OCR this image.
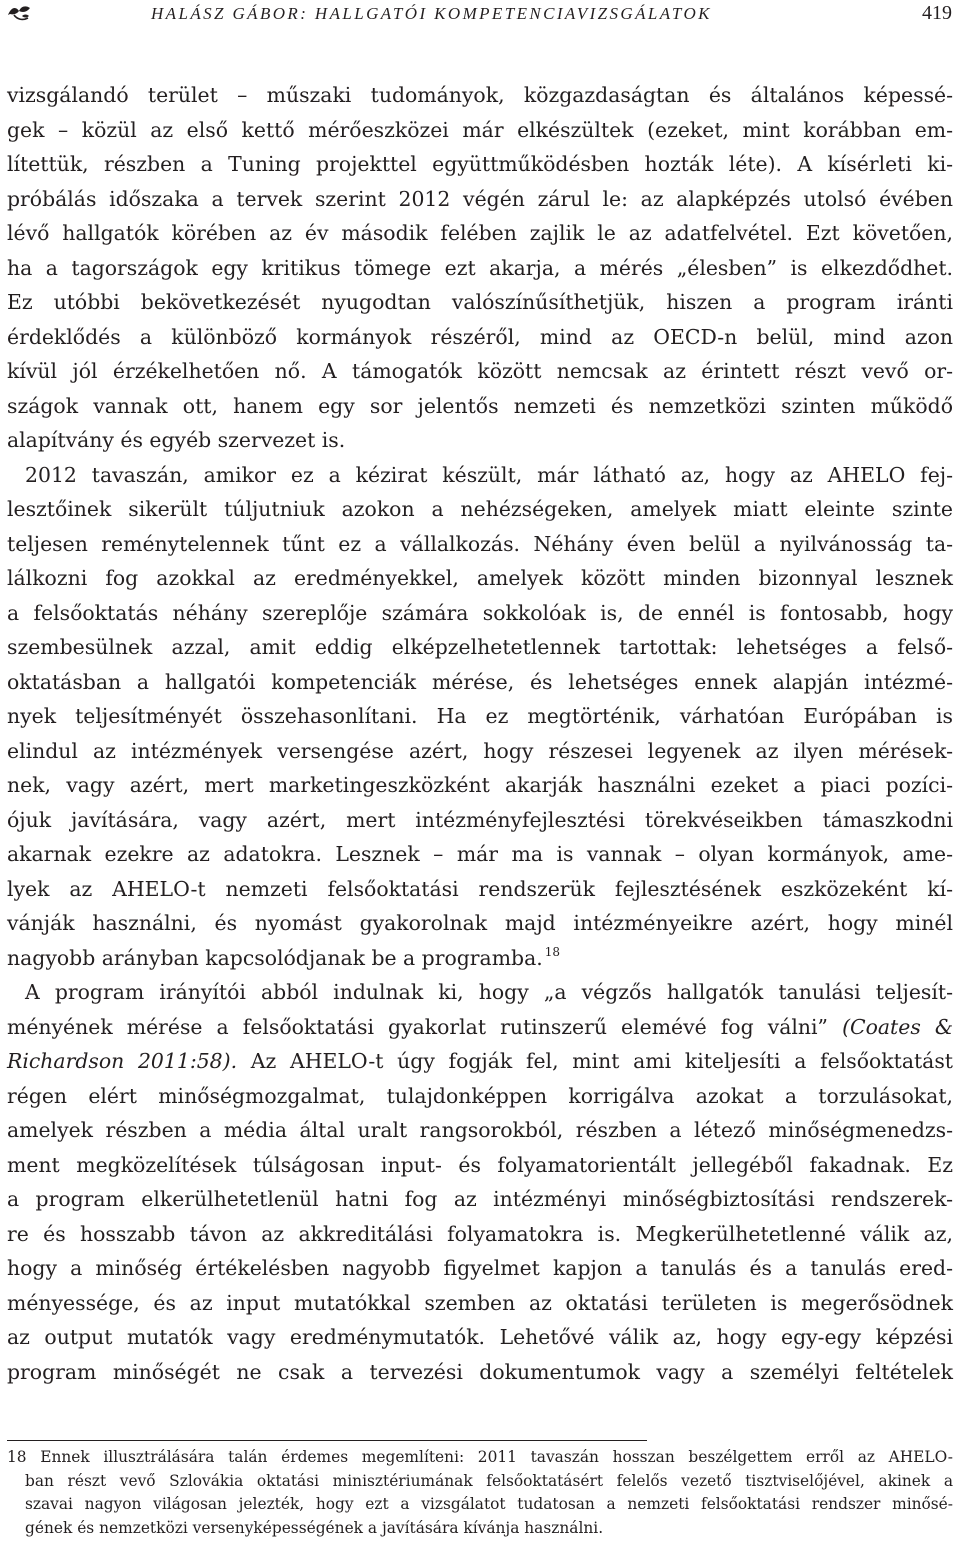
HALÁSZ GÁBOR: HALLGATÓI KOMPETENCIAVIZSGÁLATOK	419
vizsgálandó terület – műszaki tudományok, közgazdaságtan és általános képessé-
gek – közül az első kettő mérőeszközei már elkészültek (ezeket, mint korábban em-
lítettük, részben a Tuning projekttel együttműködésben hozták léte). A kísérleti ki-
próbálás időszaka a tervek szerint 2012 végén zárul le: az alapképzés utolsó évében
lévő hallgatók körében az év második felében zajlik le az adatfelvétel. Ezt követően,
ha a tagországok egy kritikus tömege ezt akarja, a mérés „élesben” is elkezdődhet.
Ez utóbbi bekövetkezését nyugodtan valószínűsíthetjük, hiszen a program iránti
érdeklődés a különböző kormányok részéről, mind az OECD-n belül, mind azon
kívül jól érzékelhetően nő. A támogatók között nemcsak az érintett részt vevő or-
szágok vannak ott, hanem egy sor jelentős nemzeti és nemzetközi szinten működő
alapítvány és egyéb szervezet is.
2012 tavaszán, amikor ez a kézirat készült, már látható az, hogy az AHELO fej-
lesztőinek sikerült túljutniuk azokon a nehézségeken, amelyek miatt eleinte szinte
teljesen reménytelennek tűnt ez a vállalkozás. Néhány éven belül a nyilvánosság ta-
lálkozni fog azokkal az eredményekkel, amelyek között minden bizonnyal lesznek
a felsőoktatás néhány szereplője számára sokkolóak is, de ennél is fontosabb, hogy
szembesülnek azzal, amit eddig elképzelhetetlennek tartottak: lehetséges a felső-
oktatásban a hallgatói kompetenciák mérése, és lehetséges ennek alapján intézmé-
nyek teljesítményét összehasonlítani. Ha ez megtörténik, várhatóan Európában is
elindul az intézmények versengése azért, hogy részesei legyenek az ilyen mérések-
nek, vagy azért, mert marketingeszközként akarják használni ezeket a piaci pozíci-
ójuk javítására, vagy azért, mert intézményfejlesztési törekvéseikben támaszkodni
akarnak ezekre az adatokra. Lesznek – már ma is vannak – olyan kormányok, ame-
lyek az AHELO-t nemzeti felsőoktatási rendszerük fejlesztésének eszközeként kí-
vánják használni, és nyomást gyakorolnak majd intézményeikre azért, hogy minél
nagyobb arányban kapcsolódjanak be a programba. $^{18}$
A program irányítói abból indulnak ki, hogy „a végzős hallgatók tanulási teljesít-
ményének mérése a felsőoktatási gyakorlat rutinszerű elemévé fog válni” (Coates &
Richardson 2011:58). Az AHELO-t úgy fogják fel, mint ami kiteljesíti a felsőoktatást
régen elért minőségmozgalmat, tulajdonképpen korrigálva azokat a torzulásokat,
amelyek részben a média által uralt rangsorokból, részben a létező minőségmenedzs-
ment megközelítések túlságosan input- és folyamatorientált jellegéből fakadnak. Ez
a program elkerülhetetlenül hatni fog az intézményi minőségbiztosítási rendszerek-
re és hosszabb távon az akkreditálási folyamatokra is. Megkerülhetetlenné válik az,
hogy a minőség értékelésben nagyobb figyelmet kapjon a tanulás és a tanulás ered-
ményessége, és az input mutatókkal szemben az oktatási területen is megerősödnek
az output mutatók vagy eredménymutatók. Lehetővé válik az, hogy egy-egy képzési
program minőségét ne csak a tervezési dokumentumok vagy a személyi feltételek
18 Ennek illusztrálására talán érdemes megemlíteni: 2011 tavaszán hosszan beszélgettem erről az AHELO-
ban részt vevő Szlovákia oktatási minisztériumának felsőoktatásért felelős vezető tisztviselőjével, akinek a
szavai nagyon világosan jelezték, hogy ezt a vizsgálatot tudatosan a nemzeti felsőoktatási rendszer minősé-
gének és nemzetközi versenyképességének a javítására kívánja használni.
